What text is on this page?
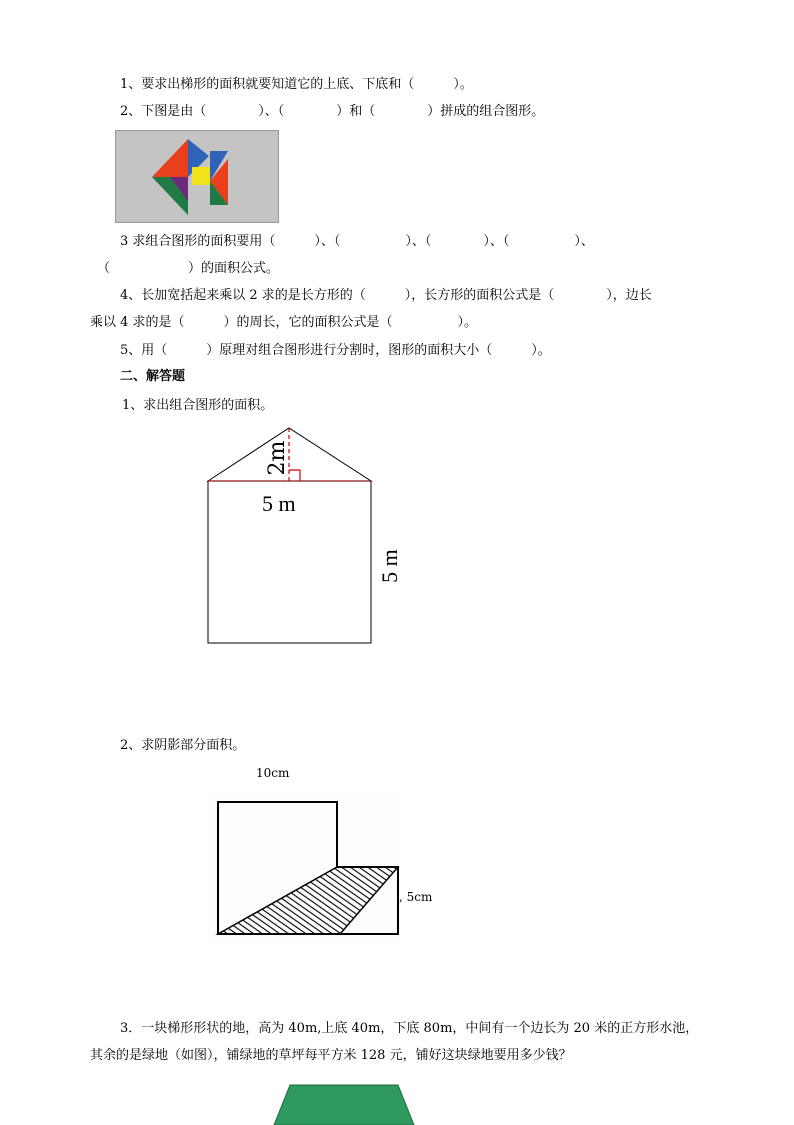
1、要求出梯形的面积就要知道它的上底、下底和（　　　）。
2、下图是由（　　　　）、（　　　　）和（　　　　）拼成的组合图形。
3 求组合图形的面积要用（　　　）、（　　　　　）、（　　　　）、（　　　　　）、
（　　　　　　）的面积公式。
4、长加宽括起来乘以 2 求的是长方形的（　　　），长方形的面积公式是（　　　　），边长
乘以 4 求的是（　　　）的周长，它的面积公式是（　　　　　）。
5、用（　　　）原理对组合图形进行分割时，图形的面积大小（　　　）。
二、解答题
1、求出组合图形的面积。
2m
5 m
5 m
2、求阴影部分面积。
10cm
, 5cm
3．一块梯形形状的地，高为 40m,上底 40m，下底 80m，中间有一个边长为 20 米的正方形水池，
其余的是绿地（如图），铺绿地的草坪每平方米 128 元，铺好这块绿地要用多少钱？
